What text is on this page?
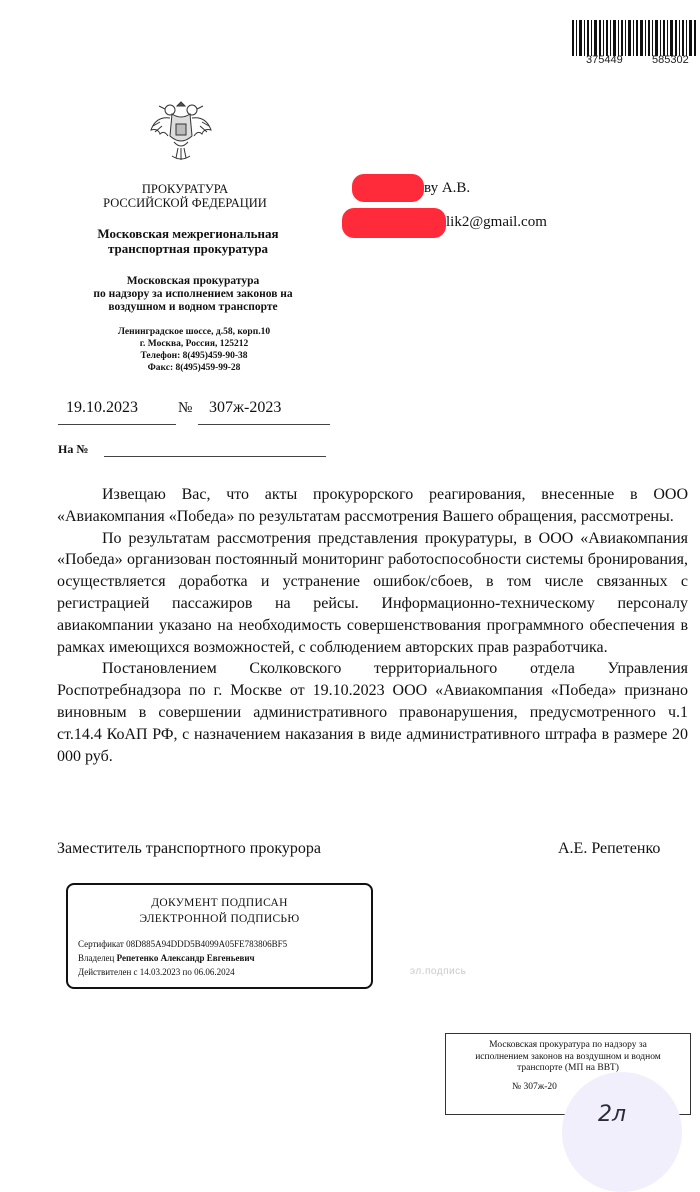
375449	585302
ПРОКУРАТУРА
РОССИЙСКОЙ ФЕДЕРАЦИИ
Московская межрегиональная
транспортная прокуратура
Московская прокуратура
по надзору за исполнением законов на
воздушном и водном транспорте
Ленинградское шоссе, д.58, корп.10
г. Москва, Россия, 125212
Телефон: 8(495)459-90-38
Факс: 8(495)459-99-28
ву А.В.
lik2@gmail.com
19.10.2023	№ 307ж-2023
На №

Извещаю Вас, что акты прокурорского реагирования, внесенные в ООО «Авиакомпания «Победа» по результатам рассмотрения Вашего обращения, рассмотрены.

По результатам рассмотрения представления прокуратуры, в ООО «Авиакомпания «Победа» организован постоянный мониторинг работоспособности системы бронирования, осуществляется доработка и устранение ошибок/сбоев, в том числе связанных с регистрацией пассажиров на рейсы. Информационно-техническому персоналу авиакомпании указано на необходимость совершенствования программного обеспечения в рамках имеющихся возможностей, с соблюдением авторских прав разработчика.

Постановлением Сколковского территориального отдела Управления Роспотребнадзора по г. Москве от 19.10.2023 ООО «Авиакомпания «Победа» признано виновным в совершении административного правонарушения, предусмотренного ч.1 ст.14.4 КоАП РФ, с назначением наказания в виде административного штрафа в размере 20 000 руб.

Заместитель транспортного прокурора	А.Е. Репетенко
ДОКУМЕНТ ПОДПИСАН
ЭЛЕКТРОННОЙ ПОДПИСЬЮ
Сертификат 08D885A94DDD5B4099A05FE783806BF5
Владелец Репетенко Александр Евгеньевич
Действителен с 14.03.2023 по 06.06.2024	эл.подпись
Московская прокуратура по надзору за
исполнением законов на воздушном и водном
транспорте (МП на ВВТ)
№ 307ж-20
2л
